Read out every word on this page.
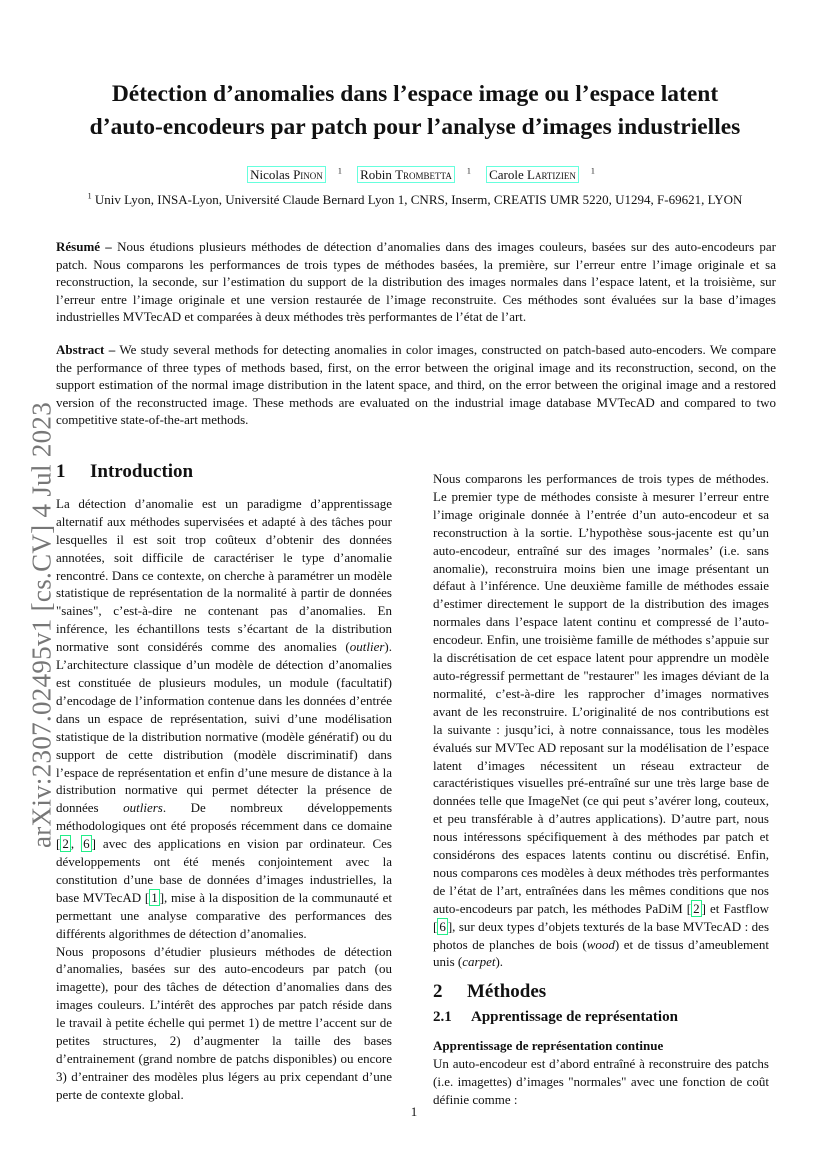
arXiv:2307.02495v1 [cs.CV] 4 Jul 2023
Détection d’anomalies dans l’espace image ou l’espace latent
d’auto-encodeurs par patch pour l’analyse d’images industrielles
Nicolas Pinon $^1$ Robin Trombetta $^1$ Carole Lartizien $^1$
$^1$ Univ Lyon, INSA-Lyon, Université Claude Bernard Lyon 1, CNRS, Inserm, CREATIS UMR 5220, U1294, F-69621, LYON
Résumé – Nous étudions plusieurs méthodes de détection d’anomalies dans des images couleurs, basées sur des auto-encodeurs par patch. Nous comparons les performances de trois types de méthodes basées, la première, sur l’erreur entre l’image originale et sa reconstruction, la seconde, sur l’estimation du support de la distribution des images normales dans l’espace latent, et la troisième, sur l’erreur entre l’image originale et une version restaurée de l’image reconstruite. Ces méthodes sont évaluées sur la base d’images industrielles MVTecAD et comparées à deux méthodes très performantes de l’état de l’art.
Abstract – We study several methods for detecting anomalies in color images, constructed on patch-based auto-encoders. We compare the performance of three types of methods based, first, on the error between the original image and its reconstruction, second, on the support estimation of the normal image distribution in the latent space, and third, on the error between the original image and a restored version of the reconstructed image. These methods are evaluated on the industrial image database MVTecAD and compared to two competitive state-of-the-art methods.
1	Introduction

La détection d’anomalie est un paradigme d’apprentissage alternatif aux méthodes supervisées et adapté à des tâches pour lesquelles il est soit trop coûteux d’obtenir des données annotées, soit difficile de caractériser le type d’anomalie rencontré. Dans ce contexte, on cherche à paramétrer un modèle statistique de représentation de la normalité à partir de données "saines", c’est-à-dire ne contenant pas d’anomalies. En inférence, les échantillons tests s’écartant de la distribution normative sont considérés comme des anomalies (outlier). L’architecture classique d’un modèle de détection d’anomalies est constituée de plusieurs modules, un module (facultatif) d’encodage de l’information contenue dans les données d’entrée dans un espace de représentation, suivi d’une modélisation statistique de la distribution normative (modèle génératif) ou du support de cette distribution (modèle discriminatif) dans l’espace de représentation et enfin d’une mesure de distance à la distribution normative qui permet détecter la présence de données outliers. De nombreux développements méthodologiques ont été proposés récemment dans ce domaine [ 2 , 6 ] avec des applications en vision par ordinateur. Ces développements ont été menés conjointement avec la constitution d’une base de données d’images industrielles, la base MVTecAD [ 1 ], mise à la disposition de la communauté et permettant une analyse comparative des performances des différents algorithmes de détection d’anomalies.

Nous proposons d’étudier plusieurs méthodes de détection d’anomalies, basées sur des auto-encodeurs par patch (ou imagette), pour des tâches de détection d’anomalies dans des images couleurs. L’intérêt des approches par patch réside dans le travail à petite échelle qui permet 1) de mettre l’accent sur de petites structures, 2) d’augmenter la taille des bases d’entrainement (grand nombre de patchs disponibles) ou encore 3) d’entrainer des modèles plus légers au prix cependant d’une perte de contexte global.

Nous comparons les performances de trois types de méthodes. Le premier type de méthodes consiste à mesurer l’erreur entre l’image originale donnée à l’entrée d’un auto-encodeur et sa reconstruction à la sortie. L’hypothèse sous-jacente est qu’un auto-encodeur, entraîné sur des images ’normales’ (i.e. sans anomalie), reconstruira moins bien une image présentant un défaut à l’inférence. Une deuxième famille de méthodes essaie d’estimer directement le support de la distribution des images normales dans l’espace latent continu et compressé de l’auto-encodeur. Enfin, une troisième famille de méthodes s’appuie sur la discrétisation de cet espace latent pour apprendre un modèle auto-régressif permettant de "restaurer" les images déviant de la normalité, c’est-à-dire les rapprocher d’images normatives avant de les reconstruire. L’originalité de nos contributions est la suivante : jusqu’ici, à notre connaissance, tous les modèles évalués sur MVTec AD reposant sur la modélisation de l’espace latent d’images nécessitent un réseau extracteur de caractéristiques visuelles pré-entraîné sur une très large base de données telle que ImageNet (ce qui peut s’avérer long, couteux, et peu transférable à d’autres applications). D’autre part, nous nous intéressons spécifiquement à des méthodes par patch et considérons des espaces latents continu ou discrétisé. Enfin, nous comparons ces modèles à deux méthodes très performantes de l’état de l’art, entraînées dans les mêmes conditions que nos auto-encodeurs par patch, les méthodes PaDiM [ 2 ] et Fastflow [ 6 ], sur deux types d’objets texturés de la base MVTecAD : des photos de planches de bois (wood) et de tissus d’ameublement unis (carpet).

2	Méthodes
2.1	Apprentissage de représentation

Apprentissage de représentation continue

Un auto-encodeur est d’abord entraîné à reconstruire des patchs (i.e. imagettes) d’images "normales" avec une fonction de coût définie comme :

1
